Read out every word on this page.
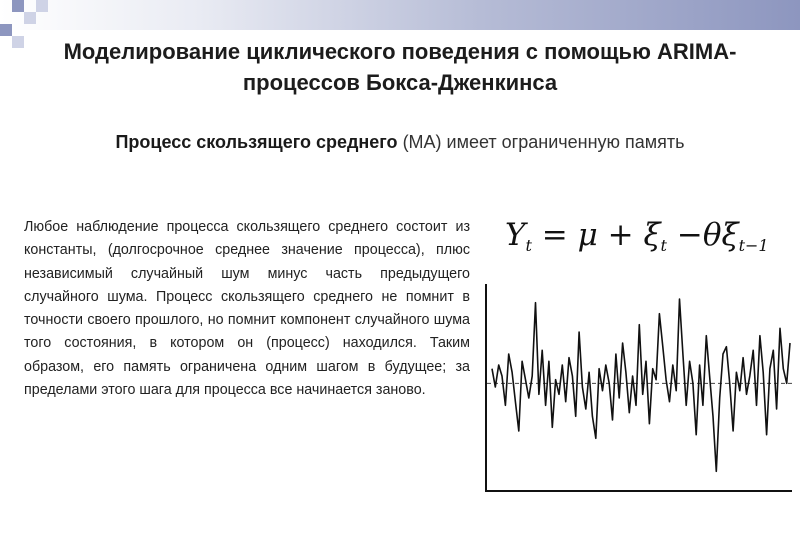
Моделирование циклического поведения с помощью ARIMA-процессов Бокса-Дженкинса
Процесс скользящего среднего (MA) имеет ограниченную память
Любое наблюдение процесса скользящего среднего состоит из константы, (долгосрочное среднее значение процесса), плюс независимый случайный шум минус часть предыдущего случайного шума. Процесс скользящего среднего не помнит в точности своего прошлого, но помнит компонент случайного шума того состояния, в котором он (процесс) находился. Таким образом, его память ограничена одним шагом в будущее; за пределами этого шага для процесса все начинается заново.
$Y_t = \mu + \xi_t -\theta\xi_{t-1}$
